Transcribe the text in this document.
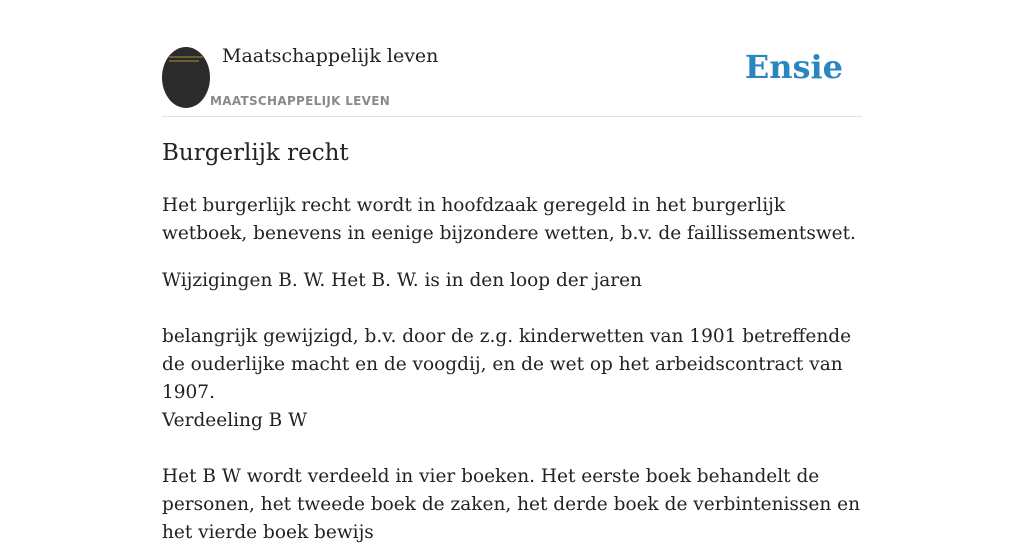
Maatschappelijk leven
MAATSCHAPPELIJK LEVEN
Ensie
Burgerlijk recht

Het burgerlijk recht wordt in hoofdzaak geregeld in het burgerlijk wetboek, benevens in eenige bijzondere wetten, b.v. de faillissementswet.

Wijzigingen B. W. Het B. W. is in den loop der jaren

belangrijk gewijzigd, b.v. door de z.g. kinderwetten van 1901 betreffende de ouderlijke macht en de voogdij, en de wet op het arbeidscontract van 1907.

Verdeeling B W

Het B W wordt verdeeld in vier boeken. Het eerste boek behandelt de personen, het tweede boek de zaken, het derde boek de verbintenissen en het vierde boek bewijs
